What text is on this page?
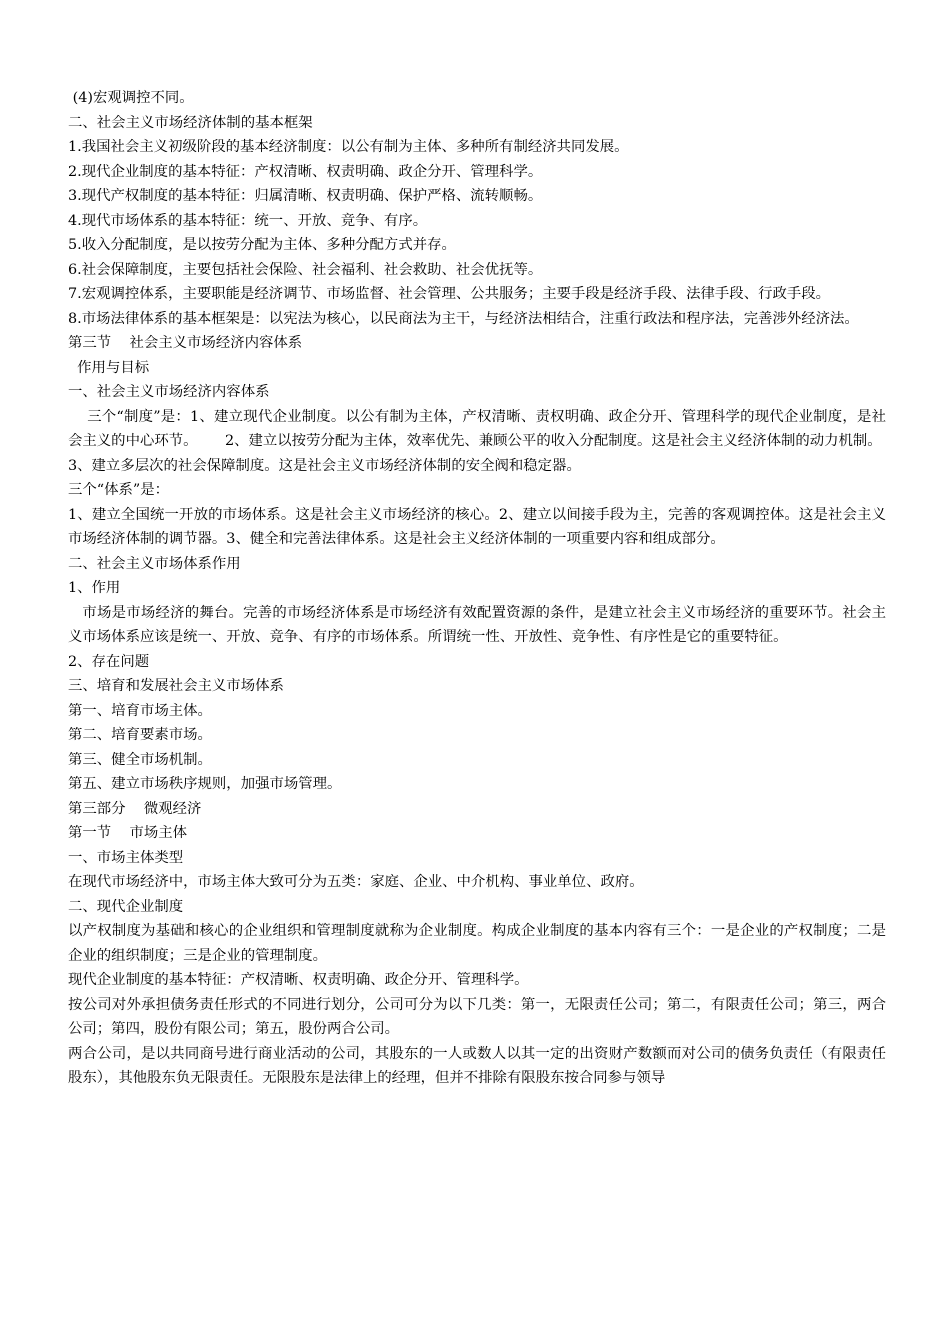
(4)宏观调控不同。

二、社会主义市场经济体制的基本框架

1.我国社会主义初级阶段的基本经济制度：以公有制为主体、多种所有制经济共同发展。

2.现代企业制度的基本特征：产权清晰、权责明确、政企分开、管理科学。

3.现代产权制度的基本特征：归属清晰、权责明确、保护严格、流转顺畅。

4.现代市场体系的基本特征：统一、开放、竞争、有序。

5.收入分配制度，是以按劳分配为主体、多种分配方式并存。

6.社会保障制度，主要包括社会保险、社会福利、社会救助、社会优抚等。

7.宏观调控体系，主要职能是经济调节、市场监督、社会管理、公共服务；主要手段是经济手段、法律手段、行政手段。

8.市场法律体系的基本框架是：以宪法为核心，以民商法为主干，与经济法相结合，注重行政法和程序法，完善涉外经济法。

第三节    社会主义市场经济内容体系

作用与目标

一、社会主义市场经济内容体系

三个“制度”是：1、建立现代企业制度。以公有制为主体，产权清晰、责权明确、政企分开、管理科学的现代企业制度，是社会主义的中心环节。      2、建立以按劳分配为主体，效率优先、兼顾公平的收入分配制度。这是社会主义经济体制的动力机制。

3、建立多层次的社会保障制度。这是社会主义市场经济体制的安全阀和稳定器。

三个“体系”是：

1、建立全国统一开放的市场体系。这是社会主义市场经济的核心。2、建立以间接手段为主，完善的客观调控体。这是社会主义市场经济体制的调节器。3、健全和完善法律体系。这是社会主义经济体制的一项重要内容和组成部分。

二、社会主义市场体系作用

1、作用

市场是市场经济的舞台。完善的市场经济体系是市场经济有效配置资源的条件，是建立社会主义市场经济的重要环节。社会主义市场体系应该是统一、开放、竞争、有序的市场体系。所谓统一性、开放性、竞争性、有序性是它的重要特征。

2、存在问题

三、培育和发展社会主义市场体系

第一、培育市场主体。

第二、培育要素市场。

第三、健全市场机制。

第五、建立市场秩序规则，加强市场管理。

第三部分    微观经济

第一节    市场主体

一、市场主体类型

在现代市场经济中，市场主体大致可分为五类：家庭、企业、中介机构、事业单位、政府。

二、现代企业制度

以产权制度为基础和核心的企业组织和管理制度就称为企业制度。构成企业制度的基本内容有三个：一是企业的产权制度；二是企业的组织制度；三是企业的管理制度。

现代企业制度的基本特征：产权清晰、权责明确、政企分开、管理科学。

按公司对外承担债务责任形式的不同进行划分，公司可分为以下几类：第一，无限责任公司；第二，有限责任公司；第三，两合公司；第四，股份有限公司；第五，股份两合公司。

两合公司，是以共同商号进行商业活动的公司，其股东的一人或数人以其一定的出资财产数额而对公司的债务负责任（有限责任股东），其他股东负无限责任。无限股东是法律上的经理，但并不排除有限股东按合同参与领导
